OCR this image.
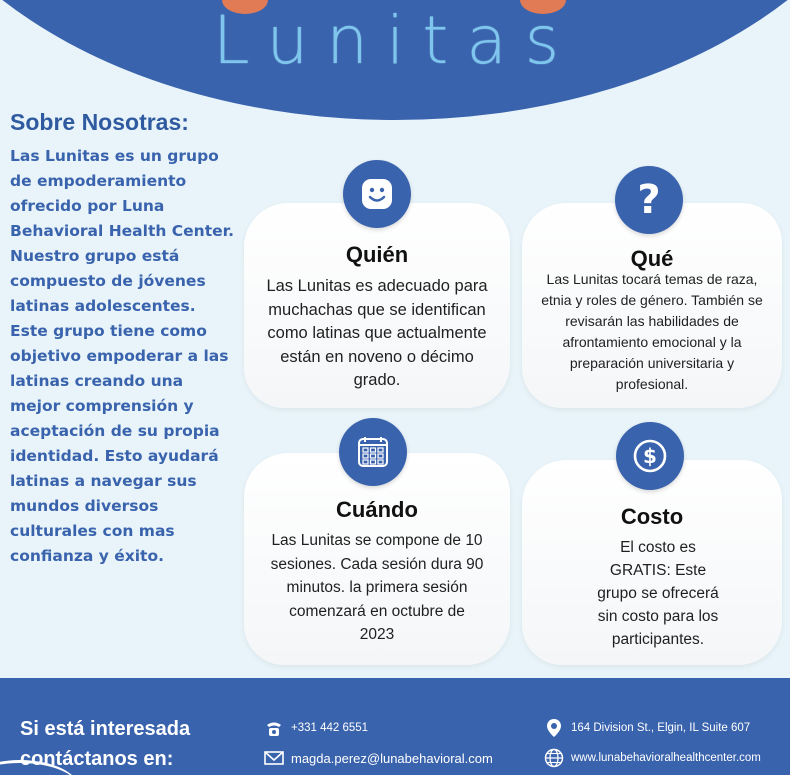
Lunitas
Sobre Nosotras:
Las Lunitas es un grupo de empoderamiento ofrecido por Luna Behavioral Health Center. Nuestro grupo está compuesto de jóvenes latinas adolescentes. Este grupo tiene como objetivo empoderar a las latinas creando una mejor comprensión y aceptación de su propia identidad. Esto ayudará latinas a navegar sus mundos diversos culturales con mas confianza y éxito.
Quién
Las Lunitas es adecuado para muchachas que se identifican como latinas que actualmente están en noveno o décimo grado.
Qué
Las Lunitas tocará temas de raza, etnia y roles de género. También se revisarán las habilidades de afrontamiento emocional y la preparación universitaria y profesional.
?
Cuándo
Las Lunitas se compone de 10 sesiones. Cada sesión dura 90 minutos. la primera sesión comenzará en octubre de 2023
Costo
El costo es GRATIS: Este grupo se ofrecerá sin costo para los participantes.
$
Si está interesada contáctanos en:
+331 442 6551
magda.perez@lunabehavioral.com
164 Division St., Elgin, IL Suite 607
www.lunabehavioralhealthcenter.com
